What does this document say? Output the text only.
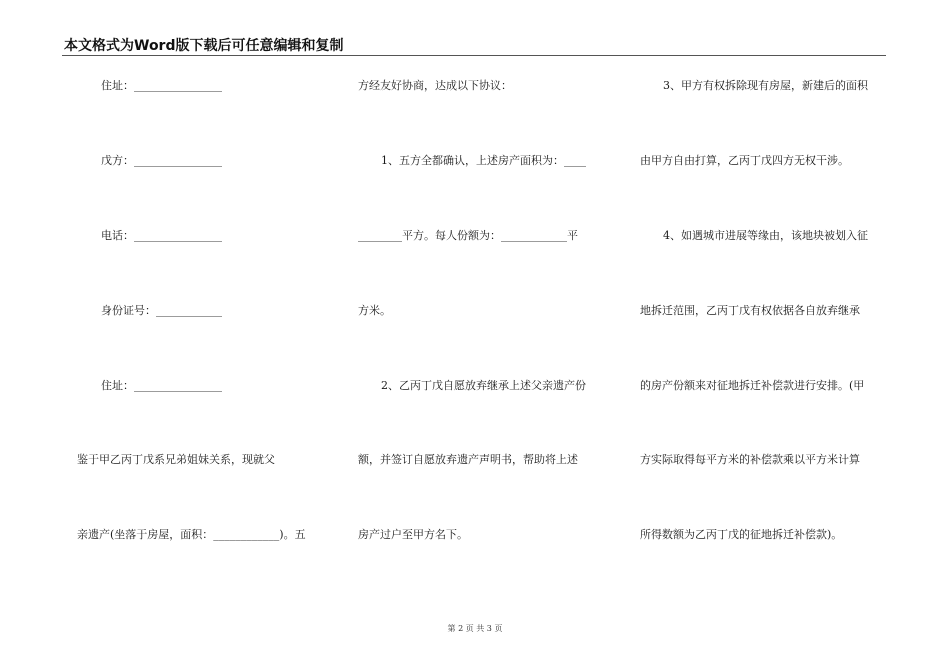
本文格式为Word版下载后可任意编辑和复制
住址：________________
戊方：________________
电话：________________
身份证号：____________
住址：________________
鉴于甲乙丙丁戊系兄弟姐妹关系，现就父
亲遗产(坐落于房屋，面积：____________)。五
方经友好协商，达成以下协议：
1、五方全都确认，上述房产面积为：____
________平方。每人份额为：____________平
方米。
2、乙丙丁戊自愿放弃继承上述父亲遗产份
额，并签订自愿放弃遗产声明书，帮助将上述
房产过户至甲方名下。
3、甲方有权拆除现有房屋，新建后的面积
由甲方自由打算，乙丙丁戊四方无权干涉。
4、如遇城市进展等缘由，该地块被划入征
地拆迁范围，乙丙丁戊有权依据各自放弃继承
的房产份额来对征地拆迁补偿款进行安排。(甲
方实际取得每平方米的补偿款乘以平方米计算
所得数额为乙丙丁戊的征地拆迁补偿款)。
第 2 页 共 3 页
